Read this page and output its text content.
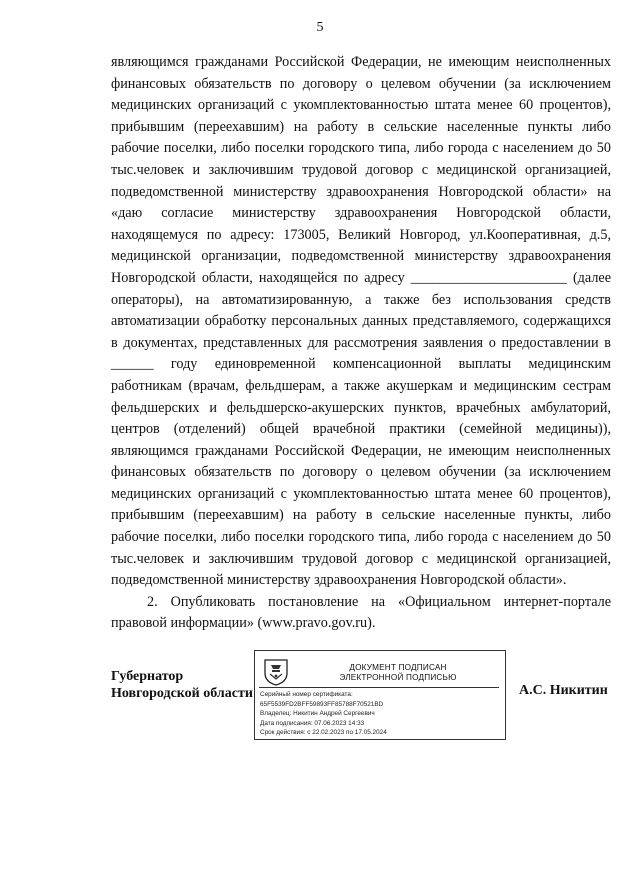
5

являющимся гражданами Российской Федерации, не имеющим неисполненных финансовых обязательств по договору о целевом обучении (за исключением медицинских организаций с укомплектованностью штата менее 60 процентов), прибывшим (переехавшим) на работу в сельские населенные пункты либо рабочие поселки, либо поселки городского типа, либо города с населением до 50 тыс.человек и заключившим трудовой договор с медицинской организацией, подведомственной министерству здравоохранения Новгородской области» на «даю согласие министерству здравоохранения Новгородской области, находящемуся по адресу: 173005, Великий Новгород, ул.Кооперативная, д.5, медицинской организации, подведомственной министерству здравоохранения Новгородской области, находящейся по адресу ______________________ (далее операторы), на автоматизированную, а также без использования средств автоматизации обработку персональных данных представляемого, содержащихся в документах, представленных для рассмотрения заявления о предоставлении в ______ году единовременной компенсационной выплаты медицинским работникам (врачам, фельдшерам, а также акушеркам и медицинским сестрам фельдшерских и фельдшерско-акушерских пунктов, врачебных амбулаторий, центров (отделений) общей врачебной практики (семейной медицины)), являющимся гражданами Российской Федерации, не имеющим неисполненных финансовых обязательств по договору о целевом обучении (за исключением медицинских организаций с укомплектованностью штата менее 60 процентов), прибывшим (переехавшим) на работу в сельские населенные пункты, либо рабочие поселки, либо поселки городского типа, либо города с населением до 50 тыс.человек и заключившим трудовой договор с медицинской организацией, подведомственной министерству здравоохранения Новгородской области».

2. Опубликовать постановление на «Официальном интернет-портале правовой информации» (www.pravo.gov.ru).

Губернатор
Новгородской области
ДОКУМЕНТ ПОДПИСАН
ЭЛЕКТРОННОЙ ПОДПИСЬЮ
Серийный номер сертификата:
65F5539FD2BFF59893FF85788F70521BD
Владелец: Никитин Андрей Сергеевич
Дата подписания: 07.06.2023 14:33
Срок действия: с 22.02.2023 по 17.05.2024
А.С. Никитин
